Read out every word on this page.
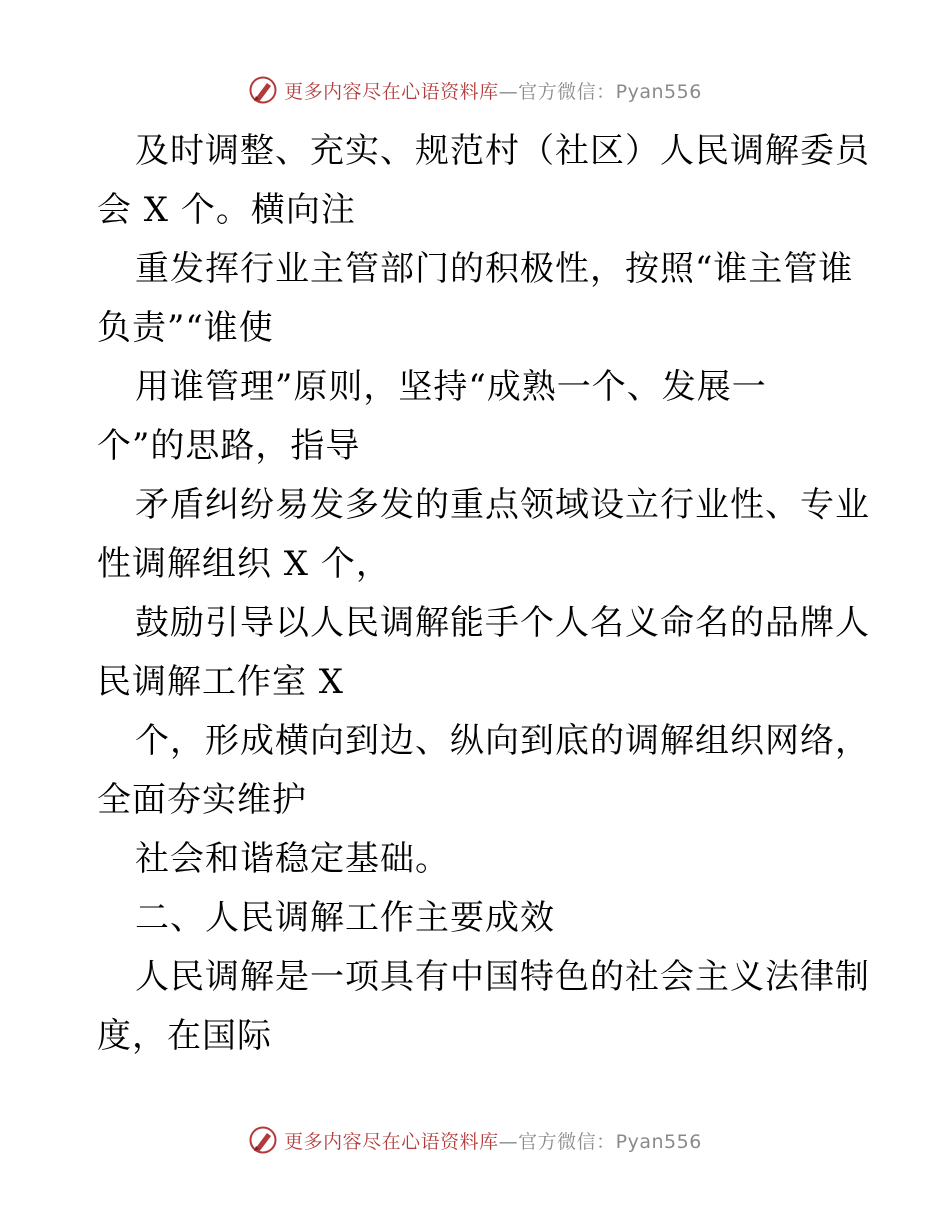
更多内容尽在心语资料库—官方微信：Pyan556
及时调整、充实、规范村（社区）人民调解委员
会 X 个。横向注
重发挥行业主管部门的积极性，按照“谁主管谁
负责”“谁使
用谁管理”原则，坚持“成熟一个、发展一
个”的思路，指导
矛盾纠纷易发多发的重点领域设立行业性、专业
性调解组织 X 个，
鼓励引导以人民调解能手个人名义命名的品牌人
民调解工作室 X
个，形成横向到边、纵向到底的调解组织网络，
全面夯实维护
社会和谐稳定基础。
二、人民调解工作主要成效
人民调解是一项具有中国特色的社会主义法律制
度，在国际
更多内容尽在心语资料库—官方微信：Pyan556
